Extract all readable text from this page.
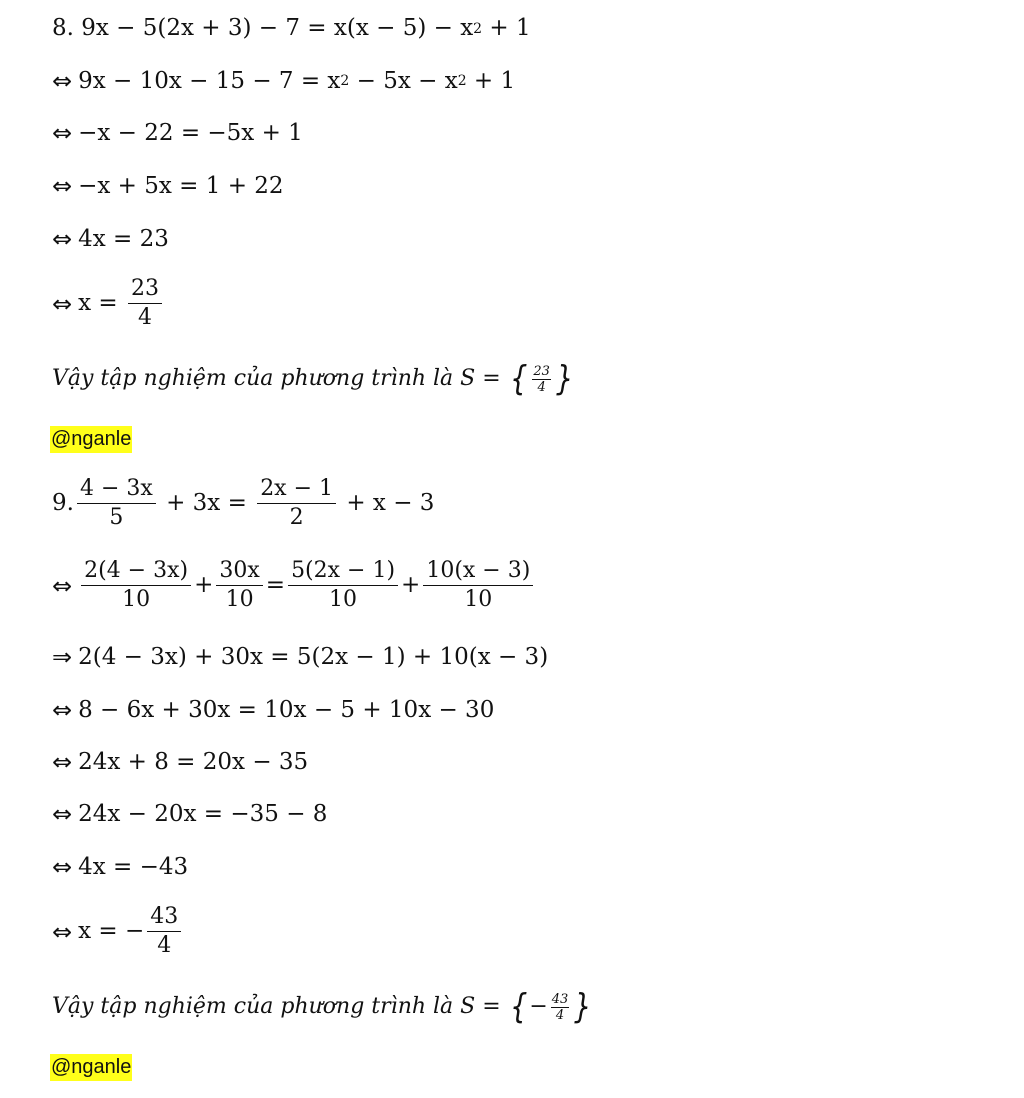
8. 9x − 5(2x + 3) − 7 = x(x − 5) − x 2 + 1
⇔ 9x − 10x − 15 − 7 = x 2 − 5x − x 2 + 1
⇔ −x − 22 = −5x + 1
⇔ −x + 5x = 1 + 22
⇔ 4x = 23
⇔ $x = \frac{23}{4}$
Vậy tập nghiệm của phương trình là S = { $\frac{23}{4}$ }
@nganle
9. $\frac{4 - 3x}{5} + 3x = \frac{2x - 1}{2} + x - 3$
⇔ $\frac{2(4 - 3x)}{10} + \frac{30x}{10} = \frac{5(2x - 1)}{10} + \frac{10(x - 3)}{10}$
⇒ 2(4 − 3x) + 30x = 5(2x − 1) + 10(x − 3)
⇔ 8 − 6x + 30x = 10x − 5 + 10x − 30
⇔ 24x + 8 = 20x − 35
⇔ 24x − 20x = −35 − 8
⇔ 4x = −43
⇔ x = − $\frac{43}{4}$
Vậy tập nghiệm của phương trình là S = { − $\frac{43}{4}$ }
@nganle
